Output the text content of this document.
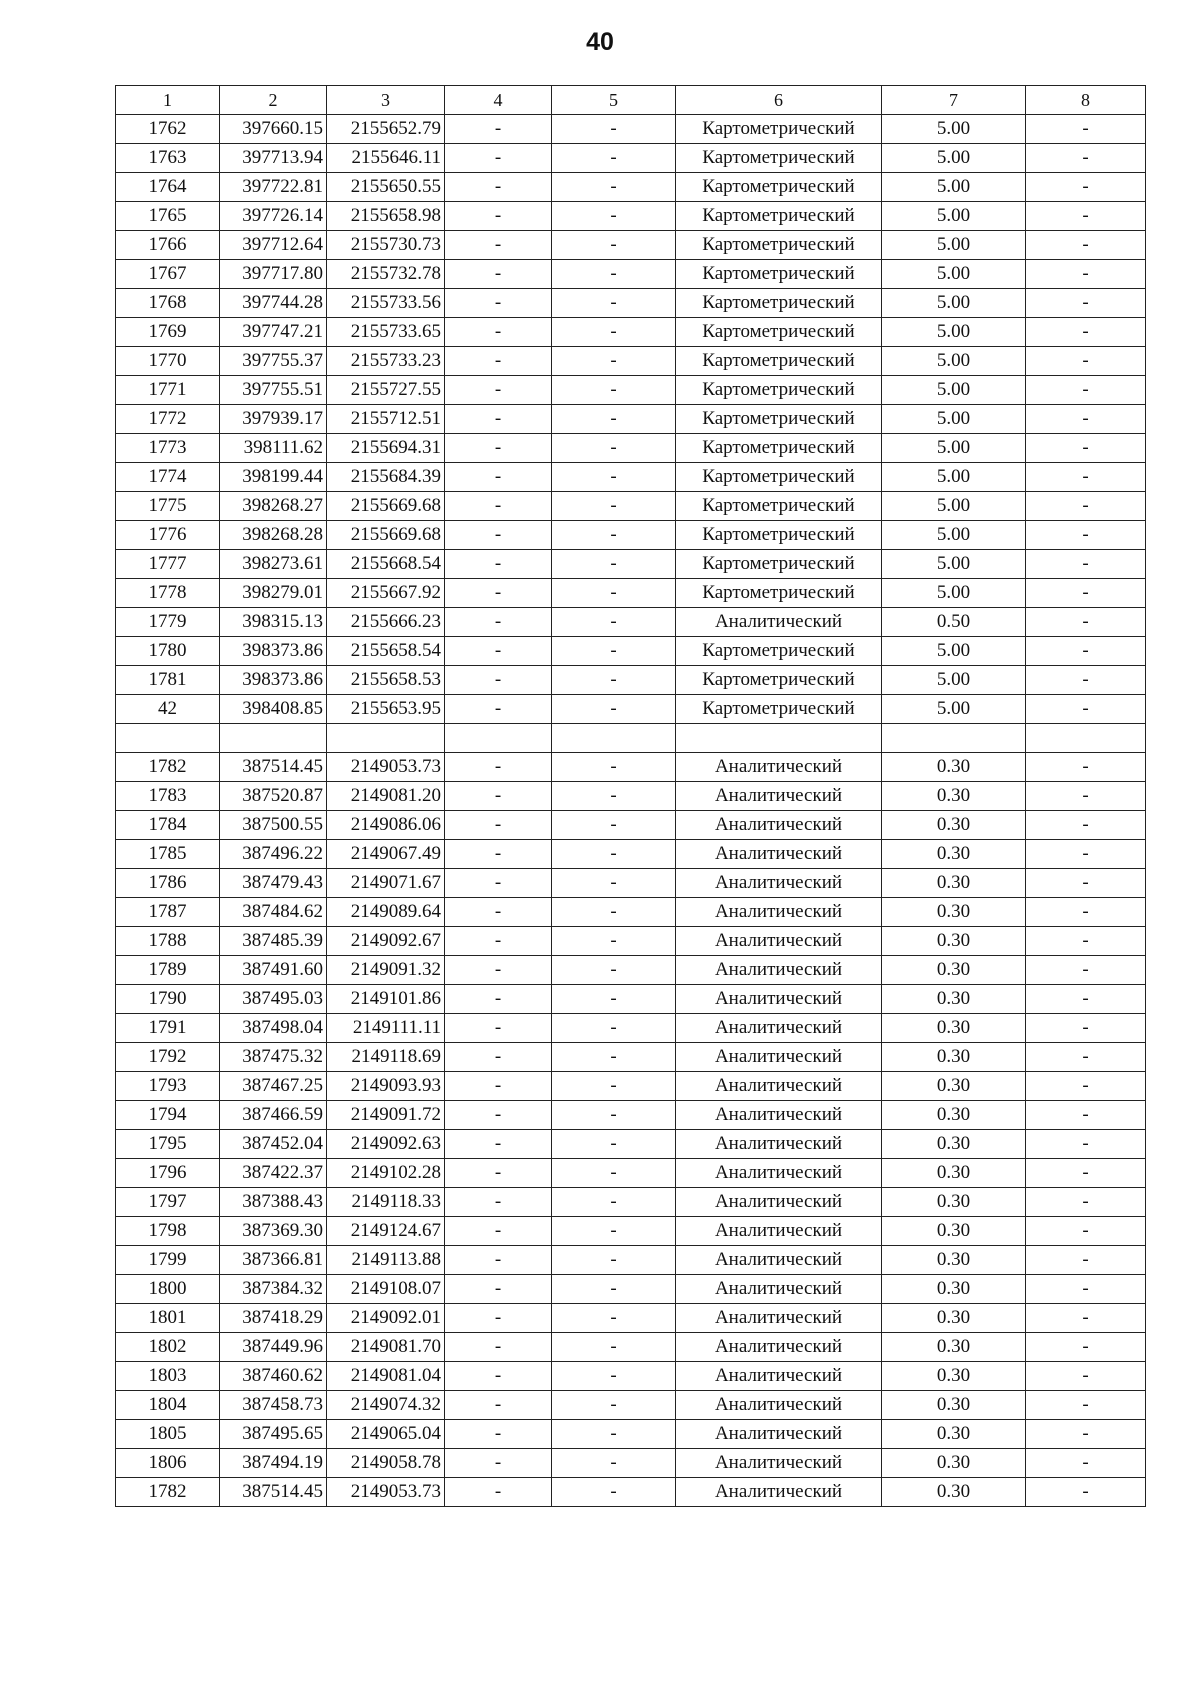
40
1	2	3	4	5	6	7	8
1762	397660.15	2155652.79	-	-	Картометрический	5.00	-
1763	397713.94	2155646.11	-	-	Картометрический	5.00	-
1764	397722.81	2155650.55	-	-	Картометрический	5.00	-
1765	397726.14	2155658.98	-	-	Картометрический	5.00	-
1766	397712.64	2155730.73	-	-	Картометрический	5.00	-
1767	397717.80	2155732.78	-	-	Картометрический	5.00	-
1768	397744.28	2155733.56	-	-	Картометрический	5.00	-
1769	397747.21	2155733.65	-	-	Картометрический	5.00	-
1770	397755.37	2155733.23	-	-	Картометрический	5.00	-
1771	397755.51	2155727.55	-	-	Картометрический	5.00	-
1772	397939.17	2155712.51	-	-	Картометрический	5.00	-
1773	398111.62	2155694.31	-	-	Картометрический	5.00	-
1774	398199.44	2155684.39	-	-	Картометрический	5.00	-
1775	398268.27	2155669.68	-	-	Картометрический	5.00	-
1776	398268.28	2155669.68	-	-	Картометрический	5.00	-
1777	398273.61	2155668.54	-	-	Картометрический	5.00	-
1778	398279.01	2155667.92	-	-	Картометрический	5.00	-
1779	398315.13	2155666.23	-	-	Аналитический	0.50	-
1780	398373.86	2155658.54	-	-	Картометрический	5.00	-
1781	398373.86	2155658.53	-	-	Картометрический	5.00	-
42	398408.85	2155653.95	-	-	Картометрический	5.00	-

1782	387514.45	2149053.73	-	-	Аналитический	0.30	-
1783	387520.87	2149081.20	-	-	Аналитический	0.30	-
1784	387500.55	2149086.06	-	-	Аналитический	0.30	-
1785	387496.22	2149067.49	-	-	Аналитический	0.30	-
1786	387479.43	2149071.67	-	-	Аналитический	0.30	-
1787	387484.62	2149089.64	-	-	Аналитический	0.30	-
1788	387485.39	2149092.67	-	-	Аналитический	0.30	-
1789	387491.60	2149091.32	-	-	Аналитический	0.30	-
1790	387495.03	2149101.86	-	-	Аналитический	0.30	-
1791	387498.04	2149111.11	-	-	Аналитический	0.30	-
1792	387475.32	2149118.69	-	-	Аналитический	0.30	-
1793	387467.25	2149093.93	-	-	Аналитический	0.30	-
1794	387466.59	2149091.72	-	-	Аналитический	0.30	-
1795	387452.04	2149092.63	-	-	Аналитический	0.30	-
1796	387422.37	2149102.28	-	-	Аналитический	0.30	-
1797	387388.43	2149118.33	-	-	Аналитический	0.30	-
1798	387369.30	2149124.67	-	-	Аналитический	0.30	-
1799	387366.81	2149113.88	-	-	Аналитический	0.30	-
1800	387384.32	2149108.07	-	-	Аналитический	0.30	-
1801	387418.29	2149092.01	-	-	Аналитический	0.30	-
1802	387449.96	2149081.70	-	-	Аналитический	0.30	-
1803	387460.62	2149081.04	-	-	Аналитический	0.30	-
1804	387458.73	2149074.32	-	-	Аналитический	0.30	-
1805	387495.65	2149065.04	-	-	Аналитический	0.30	-
1806	387494.19	2149058.78	-	-	Аналитический	0.30	-
1782	387514.45	2149053.73	-	-	Аналитический	0.30	-
